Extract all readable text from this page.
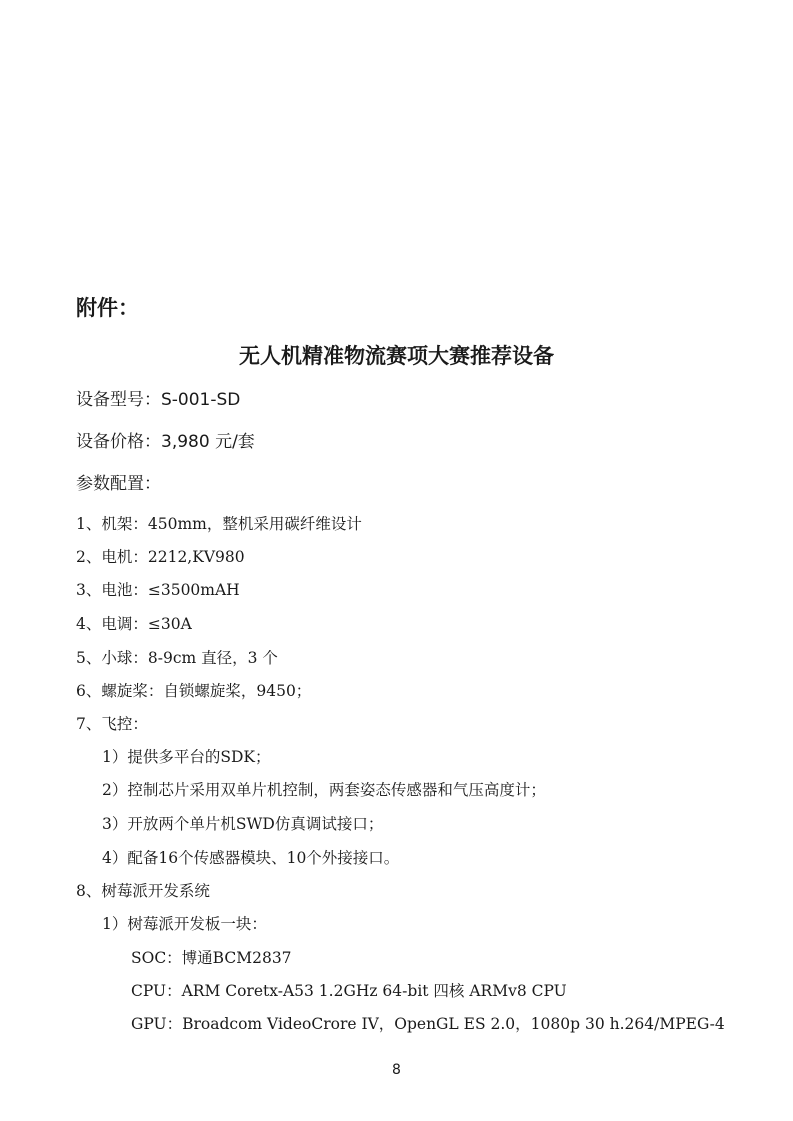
附件：

无人机精准物流赛项大赛推荐设备

设备型号：S-001-SD

设备价格：3,980 元/套

参数配置：

1、机架：450mm，整机采用碳纤维设计

2、电机：2212,KV980

3、电池：≤3500mAH

4、电调：≤30A

5、小球：8-9cm 直径，3 个

6、螺旋桨：自锁螺旋桨，9450；

7、飞控：

1）提供多平台的SDK；

2）控制芯片采用双单片机控制，两套姿态传感器和气压高度计；

3）开放两个单片机SWD仿真调试接口；

4）配备16个传感器模块、10个外接接口。

8、树莓派开发系统

1）树莓派开发板一块：

SOC：博通BCM2837

CPU：ARM Coretx-A53 1.2GHz 64-bit 四核 ARMv8 CPU

GPU：Broadcom VideoCrore IV，OpenGL ES 2.0，1080p 30 h.264/MPEG-4

8
